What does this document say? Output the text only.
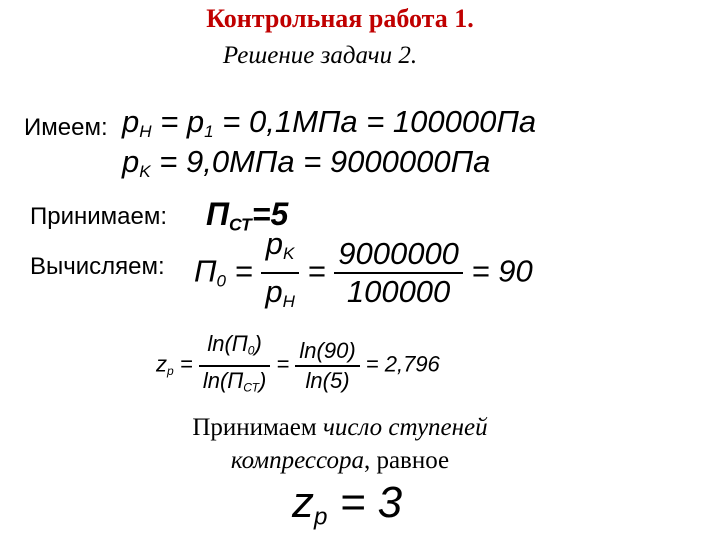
Контрольная работа 1.
Решение задачи 2.
Имеем: $p_H = p_1 = 0,1МПа = 100000Па$
$p_K = 9,0МПа = 9000000Па$
Принимаем: $П_{СТ}=5$
Вычисляем: $П_0 = \frac{p_K}{p_H} = \frac{9000000}{100000} = 90$
$z_p = \frac{\ln(П_0)}{\ln(П_{СТ})} = \frac{\ln(90)}{\ln(5)} = 2,796$
Принимаем число ступеней
компрессора, равное
$z_p = 3$
